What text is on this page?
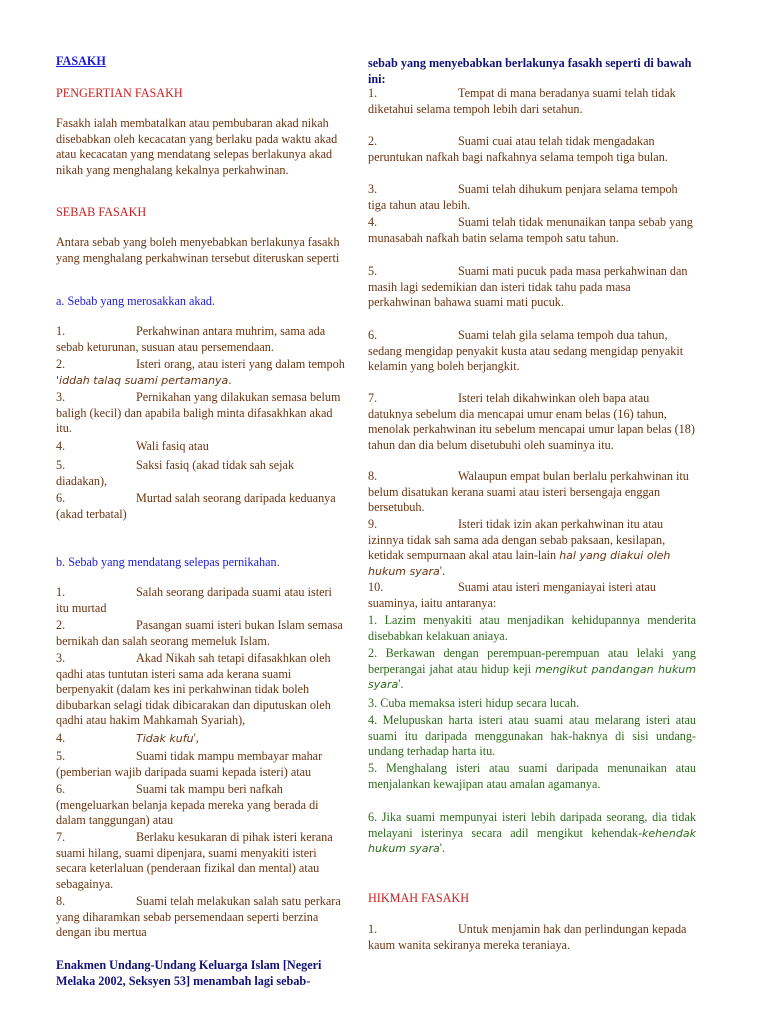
FASAKH
PENGERTIAN FASAKH
Fasakh ialah membatalkan atau pembubaran akad nikah disebabkan oleh kecacatan yang berlaku pada waktu akad atau kecacatan yang mendatang selepas berlakunya akad nikah yang menghalang kekalnya perkahwinan.
SEBAB FASAKH
Antara sebab yang boleh menyebabkan berlakunya fasakh yang menghalang perkahwinan tersebut diteruskan seperti
a. Sebab yang merosakkan akad.
1.	Perkahwinan antara muhrim, sama ada sebab keturunan, susuan atau persemendaan.
2.	Isteri orang, atau isteri yang dalam tempoh 'iddah talaq suami pertamanya.
3.	Pernikahan yang dilakukan semasa belum baligh (kecil) dan apabila baligh minta difasakhkan akad itu.
4.	Wali fasiq atau
5.	Saksi fasiq (akad tidak sah sejak diadakan),
6.	Murtad salah seorang daripada keduanya (akad terbatal)
b. Sebab yang mendatang selepas pernikahan.
1.	Salah seorang daripada suami atau isteri itu murtad
2.	Pasangan suami isteri bukan Islam semasa bernikah dan salah seorang memeluk Islam.
3.	Akad Nikah sah tetapi difasakhkan oleh qadhi atas tuntutan isteri sama ada kerana suami berpenyakit (dalam kes ini perkahwinan tidak boleh dibubarkan selagi tidak dibicarakan dan diputuskan oleh qadhi atau hakim Mahkamah Syariah),
4.	Tidak kufu',
5.	Suami tidak mampu membayar mahar (pemberian wajib daripada suami kepada isteri) atau
6.	Suami tak mampu beri nafkah (mengeluarkan belanja kepada mereka yang berada di dalam tanggungan) atau
7.	Berlaku kesukaran di pihak isteri kerana suami hilang, suami dipenjara, suami menyakiti isteri secara keterlaluan (penderaan fizikal dan mental) atau sebagainya.
8.	Suami telah melakukan salah satu perkara yang diharamkan sebab persemendaan seperti berzina dengan ibu mertua
Enakmen Undang-Undang Keluarga Islam [Negeri Melaka 2002, Seksyen 53] menambah lagi sebab-
sebab yang menyebabkan berlakunya fasakh seperti di bawah ini:
1.	Tempat di mana beradanya suami telah tidak diketahui selama tempoh lebih dari setahun.
2.	Suami cuai atau telah tidak mengadakan peruntukan nafkah bagi nafkahnya selama tempoh tiga bulan.
3.	Suami telah dihukum penjara selama tempoh tiga tahun atau lebih.
4.	Suami telah tidak menunaikan tanpa sebab yang munasabah nafkah batin selama tempoh satu tahun.
5.	Suami mati pucuk pada masa perkahwinan dan masih lagi sedemikian dan isteri tidak tahu pada masa perkahwinan bahawa suami mati pucuk.
6.	Suami telah gila selama tempoh dua tahun, sedang mengidap penyakit kusta atau sedang mengidap penyakit kelamin yang boleh berjangkit.
7.	Isteri telah dikahwinkan oleh bapa atau datuknya sebelum dia mencapai umur enam belas (16) tahun, menolak perkahwinan itu sebelum mencapai umur lapan belas (18) tahun dan dia belum disetubuhi oleh suaminya itu.
8.	Walaupun empat bulan berlalu perkahwinan itu belum disatukan kerana suami atau isteri bersengaja enggan bersetubuh.
9.	Isteri tidak izin akan perkahwinan itu atau izinnya tidak sah sama ada dengan sebab paksaan, kesilapan, ketidak sempurnaan akal atau lain-lain hal yang diakui oleh hukum syara'.
10.	Suami atau isteri menganiayai isteri atau suaminya, iaitu antaranya:
1. Lazim menyakiti atau menjadikan kehidupannya menderita disebabkan kelakuan aniaya.
2. Berkawan dengan perempuan-perempuan atau lelaki yang berperangai jahat atau hidup keji mengikut pandangan hukum syara'.
3. Cuba memaksa isteri hidup secara lucah.
4. Melupuskan harta isteri atau suami atau melarang isteri atau suami itu daripada menggunakan hak-haknya di sisi undang-undang terhadap harta itu.
5. Menghalang isteri atau suami daripada menunaikan atau menjalankan kewajipan atau amalan agamanya.
6. Jika suami mempunyai isteri lebih daripada seorang, dia tidak melayani isterinya secara adil mengikut kehendak-kehendak hukum syara'.
HIKMAH FASAKH
1.	Untuk menjamin hak dan perlindungan kepada kaum wanita sekiranya mereka teraniaya.
